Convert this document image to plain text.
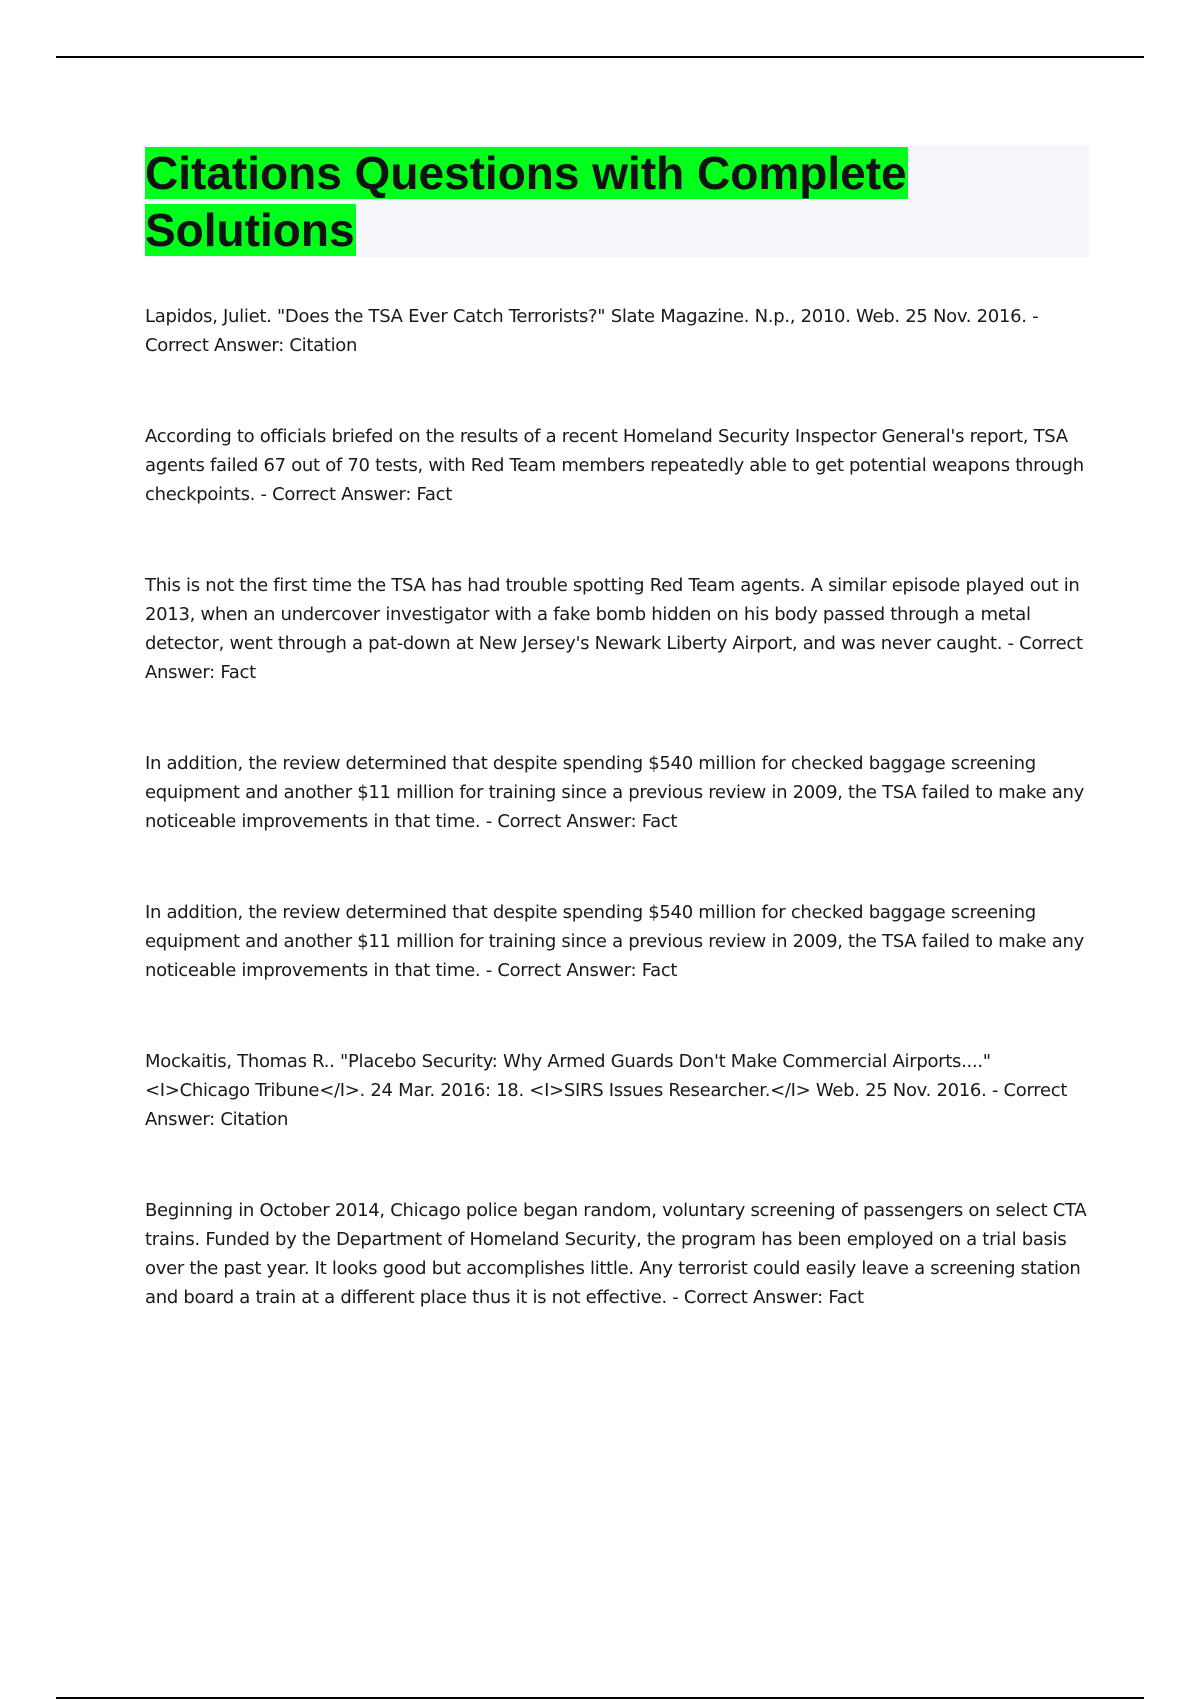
Citations Questions with Complete Solutions

Lapidos, Juliet. "Does the TSA Ever Catch Terrorists?" Slate Magazine. N.p., 2010. Web. 25 Nov. 2016. - Correct Answer: Citation

According to officials briefed on the results of a recent Homeland Security Inspector General's report, TSA agents failed 67 out of 70 tests, with Red Team members repeatedly able to get potential weapons through checkpoints. - Correct Answer: Fact

This is not the first time the TSA has had trouble spotting Red Team agents. A similar episode played out in 2013, when an undercover investigator with a fake bomb hidden on his body passed through a metal detector, went through a pat-down at New Jersey's Newark Liberty Airport, and was never caught. - Correct Answer: Fact

In addition, the review determined that despite spending $540 million for checked baggage screening equipment and another $11 million for training since a previous review in 2009, the TSA failed to make any noticeable improvements in that time. - Correct Answer: Fact

In addition, the review determined that despite spending $540 million for checked baggage screening equipment and another $11 million for training since a previous review in 2009, the TSA failed to make any noticeable improvements in that time. - Correct Answer: Fact

Mockaitis, Thomas R.. "Placebo Security: Why Armed Guards Don't Make Commercial Airports...." <I>Chicago Tribune</I>. 24 Mar. 2016: 18. <I>SIRS Issues Researcher.</I> Web. 25 Nov. 2016. - Correct Answer: Citation

Beginning in October 2014, Chicago police began random, voluntary screening of passengers on select CTA trains. Funded by the Department of Homeland Security, the program has been employed on a trial basis over the past year. It looks good but accomplishes little. Any terrorist could easily leave a screening station and board a train at a different place thus it is not effective. - Correct Answer: Fact
